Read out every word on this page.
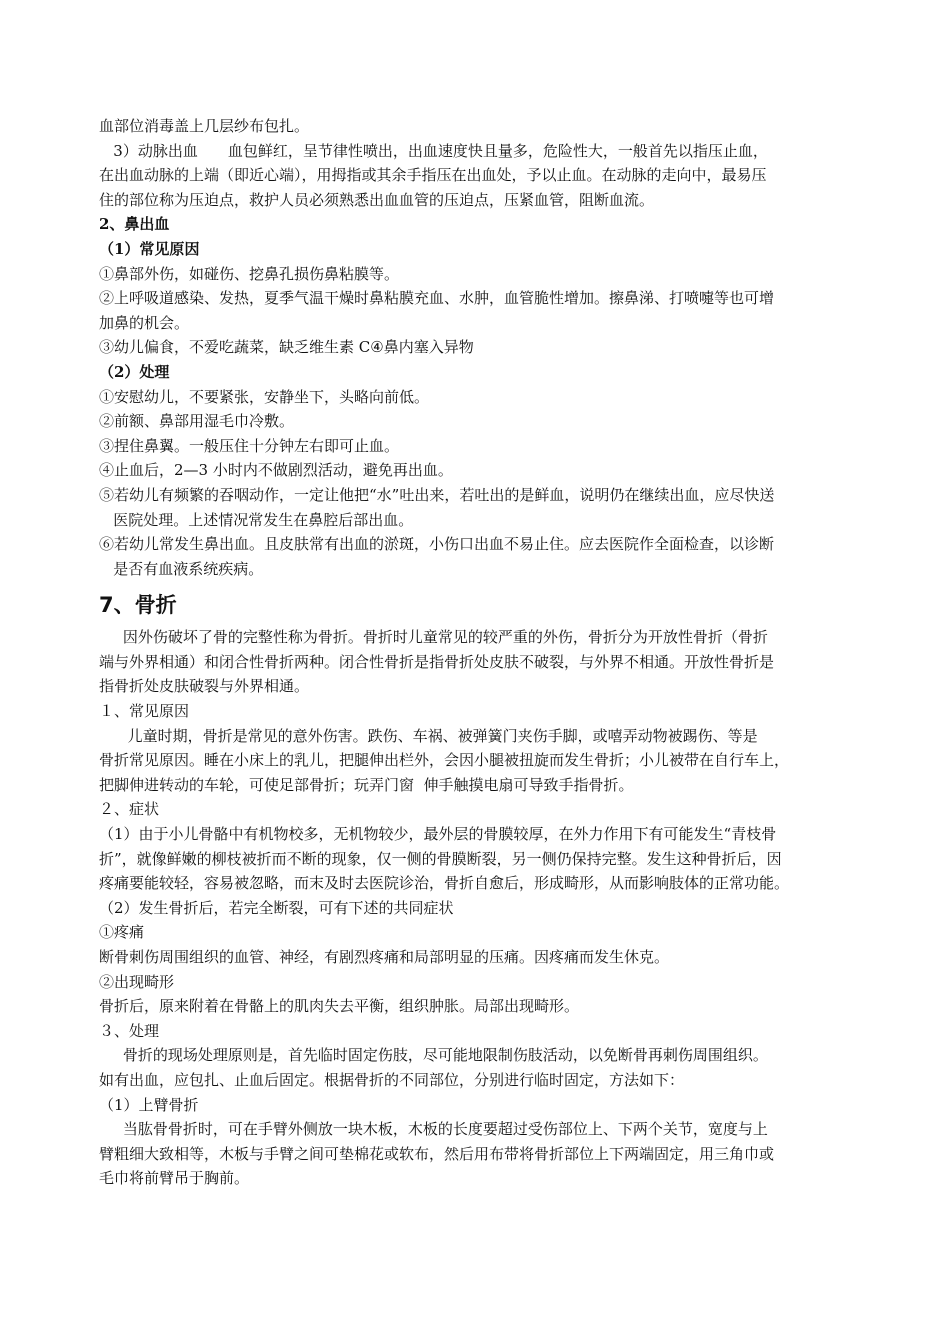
血部位消毒盖上几层纱布包扎。
3）动脉出血　　血包鲜红，呈节律性喷出，出血速度快且量多，危险性大，一般首先以指压止血，
在出血动脉的上端（即近心端），用拇指或其余手指压在出血处，予以止血。在动脉的走向中，最易压
住的部位称为压迫点，救护人员必须熟悉出血血管的压迫点，压紧血管，阻断血流。
2、鼻出血
（1）常见原因
①鼻部外伤，如碰伤、挖鼻孔损伤鼻粘膜等。
②上呼吸道感染、发热，夏季气温干燥时鼻粘膜充血、水肿，血管脆性增加。擦鼻涕、打喷嚏等也可增
加鼻的机会。
③幼儿偏食，不爱吃蔬菜，缺乏维生素 C④鼻内塞入异物
（2）处理
①安慰幼儿，不要紧张，安静坐下，头略向前低。
②前额、鼻部用湿毛巾冷敷。
③捏住鼻翼。一般压住十分钟左右即可止血。
④止血后，2—3 小时内不做剧烈活动，避免再出血。
⑤若幼儿有频繁的吞咽动作，一定让他把“水”吐出来，若吐出的是鲜血，说明仍在继续出血，应尽快送
医院处理。上述情况常发生在鼻腔后部出血。
⑥若幼儿常发生鼻出血。且皮肤常有出血的淤斑，小伤口出血不易止住。应去医院作全面检查，以诊断
是否有血液系统疾病。
7、骨折
因外伤破坏了骨的完整性称为骨折。骨折时儿童常见的较严重的外伤，骨折分为开放性骨折（骨折
端与外界相通）和闭合性骨折两种。闭合性骨折是指骨折处皮肤不破裂，与外界不相通。开放性骨折是
指骨折处皮肤破裂与外界相通。
１、常见原因
儿童时期，骨折是常见的意外伤害。跌伤、车祸、被弹簧门夹伤手脚，或嘻弄动物被踢伤、等是
骨折常见原因。睡在小床上的乳儿，把腿伸出栏外，会因小腿被扭旋而发生骨折；小儿被带在自行车上，
把脚伸进转动的车轮，可使足部骨折；玩弄门窗  伸手触摸电扇可导致手指骨折。
２、症状
（1）由于小儿骨骼中有机物校多，无机物较少，最外层的骨膜较厚，在外力作用下有可能发生“青枝骨
折”，就像鲜嫩的柳枝被折而不断的现象，仅一侧的骨膜断裂，另一侧仍保持完整。发生这种骨折后，因
疼痛要能较轻，容易被忽略，而末及时去医院诊治，骨折自愈后，形成畸形，从而影响肢体的正常功能。
（2）发生骨折后，若完全断裂，可有下述的共同症状
①疼痛
断骨刺伤周围组织的血管、神经，有剧烈疼痛和局部明显的压痛。因疼痛而发生休克。
②出现畸形
骨折后，原来附着在骨骼上的肌肉失去平衡，组织肿胀。局部出现畸形。
３、处理
骨折的现场处理原则是，首先临时固定伤肢，尽可能地限制伤肢活动，以免断骨再刺伤周围组织。
如有出血，应包扎、止血后固定。根据骨折的不同部位，分别进行临时固定，方法如下：
（1）上臂骨折
当肱骨骨折时，可在手臂外侧放一块木板，木板的长度要超过受伤部位上、下两个关节，宽度与上
臂粗细大致相等，木板与手臂之间可垫棉花或软布，然后用布带将骨折部位上下两端固定，用三角巾或
毛巾将前臂吊于胸前。
